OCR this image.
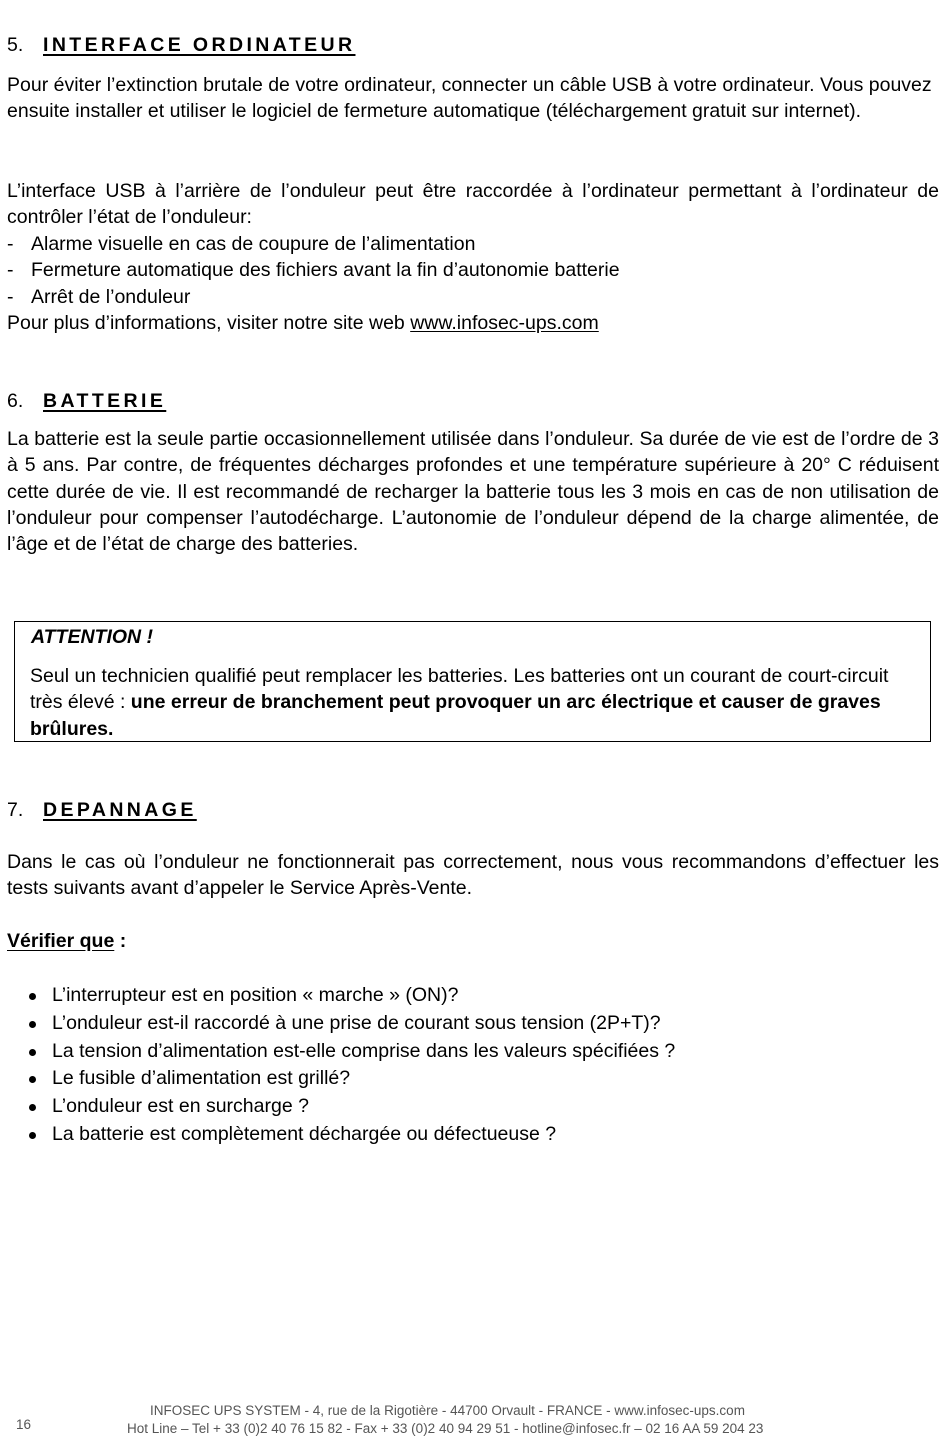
5. INTERFACE ORDINATEUR
Pour éviter l’extinction brutale de votre ordinateur, connecter un câble USB à votre ordinateur. Vous pouvez ensuite installer et utiliser le logiciel de fermeture automatique (téléchargement gratuit sur internet).
L’interface USB à l’arrière de l’onduleur peut être raccordée à l’ordinateur permettant à l’ordinateur de contrôler l’état de l’onduleur:
- Alarme visuelle en cas de coupure de l’alimentation
- Fermeture automatique des fichiers avant la fin d’autonomie batterie
- Arrêt de l’onduleur
Pour plus d’informations, visiter notre site web www.infosec-ups.com
6. BATTERIE
La batterie est la seule partie occasionnellement utilisée dans l’onduleur. Sa durée de vie est de l’ordre de 3 à 5 ans. Par contre, de fréquentes décharges profondes et une température supérieure à 20° C réduisent cette durée de vie. Il est recommandé de recharger la batterie tous les 3 mois en cas de non utilisation de l’onduleur pour compenser l’autodécharge. L’autonomie de l’onduleur dépend de la charge alimentée, de l’âge et de l’état de charge des batteries.
ATTENTION !
Seul un technicien qualifié peut remplacer les batteries. Les batteries ont un courant de court-circuit très élevé : une erreur de branchement peut provoquer un arc électrique et causer de graves brûlures.
7. DEPANNAGE
Dans le cas où l’onduleur ne fonctionnerait pas correctement, nous vous recommandons d’effectuer les tests suivants avant d’appeler le Service Après-Vente.
Vérifier que :
L’interrupteur est en position « marche » (ON)?
L’onduleur est-il raccordé à une prise de courant sous tension (2P+T)?
La tension d’alimentation est-elle comprise dans les valeurs spécifiées ?
Le fusible d’alimentation est grillé?
L’onduleur est en surcharge ?
La batterie est complètement déchargée ou défectueuse ?
16
INFOSEC UPS SYSTEM - 4, rue de la Rigotière - 44700 Orvault - FRANCE - www.infosec-ups.com
Hot Line – Tel + 33 (0)2 40 76 15 82 - Fax + 33 (0)2 40 94 29 51 - hotline@infosec.fr – 02 16 AA 59 204 23
